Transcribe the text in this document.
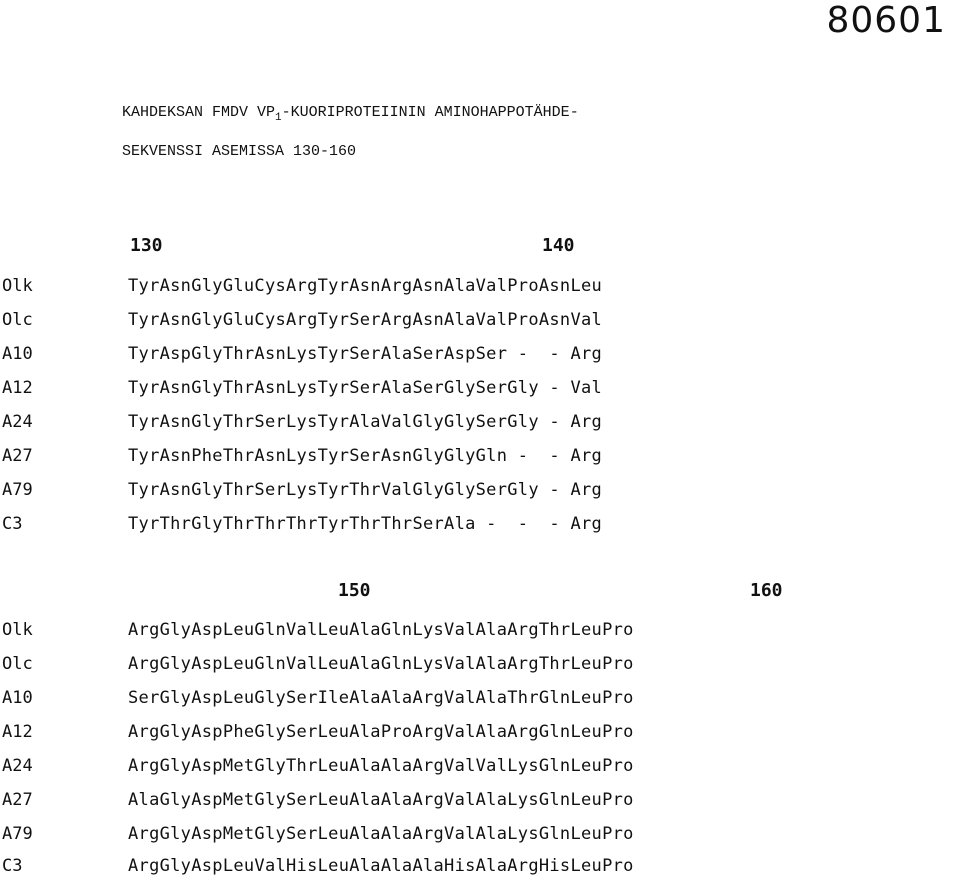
80601
KAHDEKSAN FMDV $VP_1$-KUORIPROTEIININ AMINOHAPPOTÄHDE-
SEKVENSSI ASEMISSA 130-160
130	140
Olk	TyrAsnGlyGluCysArgTyrAsnArgAsnAlaValProAsnLeu
Olc	TyrAsnGlyGluCysArgTyrSerArgAsnAlaValProAsnVal
A10	TyrAspGlyThrAsnLysTyrSerAlaSerAspSer -  - Arg
A12	TyrAsnGlyThrAsnLysTyrSerAlaSerGlySerGly - Val
A24	TyrAsnGlyThrSerLysTyrAlaValGlyGlySerGly - Arg
A27	TyrAsnPheThrAsnLysTyrSerAsnGlyGlyGln -  - Arg
A79	TyrAsnGlyThrSerLysTyrThrValGlyGlySerGly - Arg
C3	TyrThrGlyThrThrThrTyrThrThrSerAla -  -  - Arg
150	160
Olk	ArgGlyAspLeuGlnValLeuAlaGlnLysValAlaArgThrLeuPro
Olc	ArgGlyAspLeuGlnValLeuAlaGlnLysValAlaArgThrLeuPro
A10	SerGlyAspLeuGlySerIleAlaAlaArgValAlaThrGlnLeuPro
A12	ArgGlyAspPheGlySerLeuAlaProArgValAlaArgGlnLeuPro
A24	ArgGlyAspMetGlyThrLeuAlaAlaArgValValLysGlnLeuPro
A27	AlaGlyAspMetGlySerLeuAlaAlaArgValAlaLysGlnLeuPro
A79	ArgGlyAspMetGlySerLeuAlaAlaArgValAlaLysGlnLeuPro
C3	ArgGlyAspLeuValHisLeuAlaAlaAlaHisAlaArgHisLeuPro
